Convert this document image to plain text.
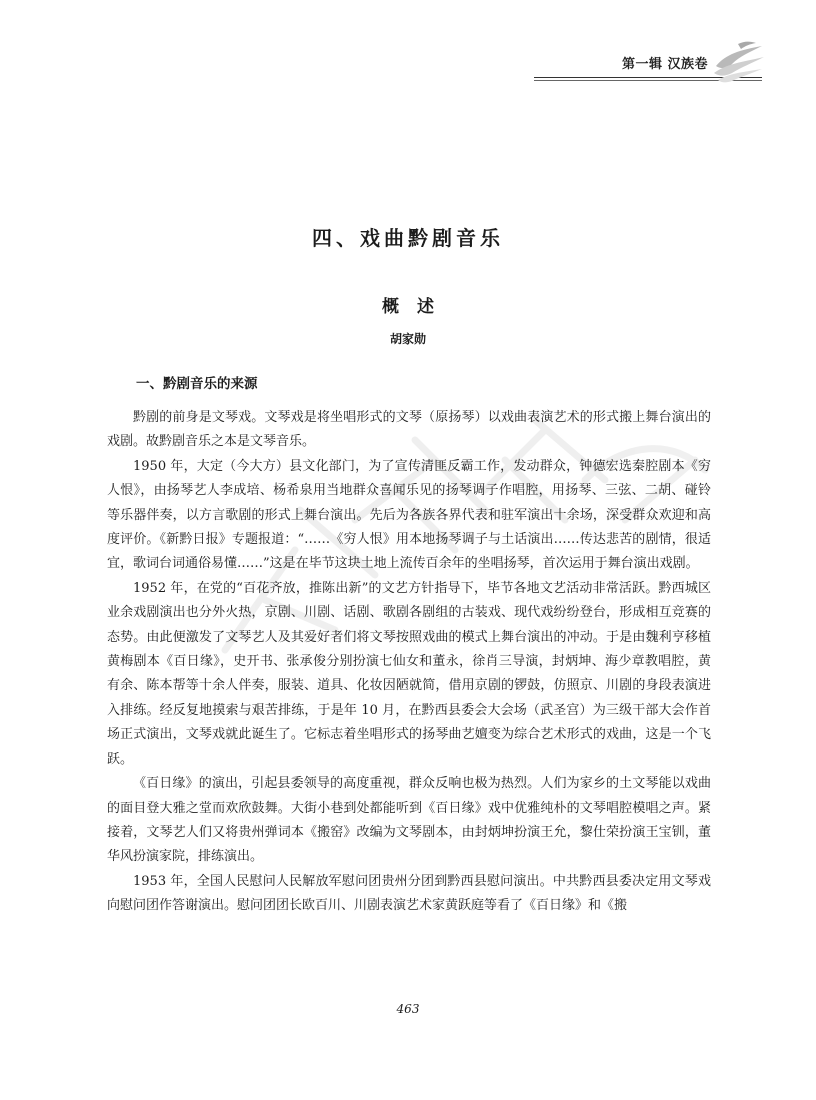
第一辑 汉族卷
四、戏曲黔剧音乐
概述
胡家勋
一、黔剧音乐的来源

黔剧的前身是文琴戏。文琴戏是将坐唱形式的文琴（原扬琴）以戏曲表演艺术的形式搬上舞台演出的戏剧。故黔剧音乐之本是文琴音乐。

1950 年，大定（今大方）县文化部门，为了宣传清匪反霸工作，发动群众，钟德宏选秦腔剧本《穷人恨》，由扬琴艺人李成培、杨希泉用当地群众喜闻乐见的扬琴调子作唱腔，用扬琴、三弦、二胡、碰铃等乐器伴奏，以方言歌剧的形式上舞台演出。先后为各族各界代表和驻军演出十余场，深受群众欢迎和高度评价。《新黔日报》专题报道：“……《穷人恨》用本地扬琴调子与土话演出……传达悲苦的剧情，很适宜，歌词台词通俗易懂……”这是在毕节这块土地上流传百余年的坐唱扬琴，首次运用于舞台演出戏剧。

1952 年，在党的“百花齐放，推陈出新”的文艺方针指导下，毕节各地文艺活动非常活跃。黔西城区业余戏剧演出也分外火热，京剧、川剧、话剧、歌剧各剧组的古装戏、现代戏纷纷登台，形成相互竞赛的态势。由此便激发了文琴艺人及其爱好者们将文琴按照戏曲的模式上舞台演出的冲动。于是由魏利亨移植黄梅剧本《百日缘》，史开书、张承俊分别扮演七仙女和董永，徐肖三导演，封炳坤、海少章教唱腔，黄有余、陈本帮等十余人伴奏，服装、道具、化妆因陋就简，借用京剧的锣鼓，仿照京、川剧的身段表演进入排练。经反复地摸索与艰苦排练，于是年 10 月，在黔西县委会大会场（武圣宫）为三级干部大会作首场正式演出，文琴戏就此诞生了。它标志着坐唱形式的扬琴曲艺嬗变为综合艺术形式的戏曲，这是一个飞跃。

《百日缘》的演出，引起县委领导的高度重视，群众反响也极为热烈。人们为家乡的土文琴能以戏曲的面目登大雅之堂而欢欣鼓舞。大街小巷到处都能听到《百日缘》戏中优雅纯朴的文琴唱腔模唱之声。紧接着，文琴艺人们又将贵州弹词本《搬窑》改编为文琴剧本，由封炳坤扮演王允，黎仕荣扮演王宝钏，董华风扮演家院，排练演出。

1953 年，全国人民慰问人民解放军慰问团贵州分团到黔西县慰问演出。中共黔西县委决定用文琴戏向慰问团作答谢演出。慰问团团长欧百川、川剧表演艺术家黄跃庭等看了《百日缘》和《搬

463
